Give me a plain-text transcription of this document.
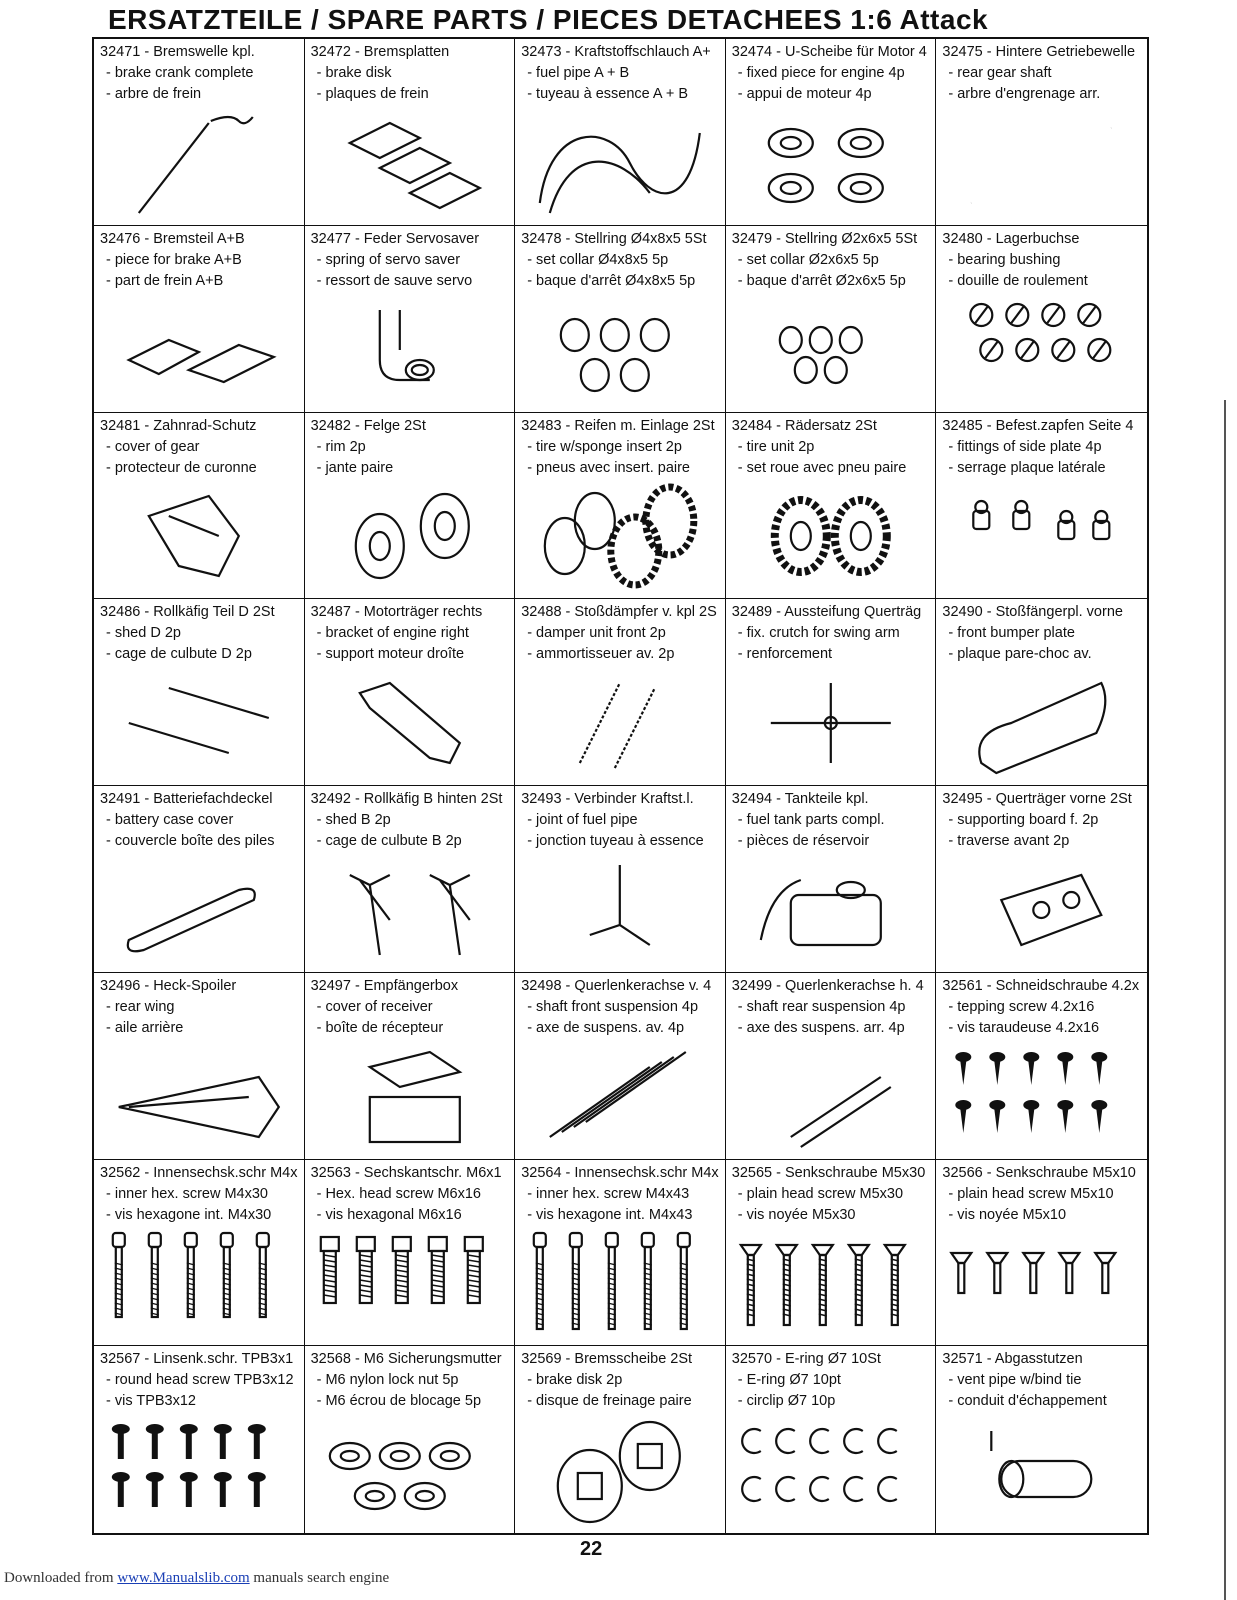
ERSATZTEILE / SPARE PARTS / PIECES DETACHEES 1:6 Attack
32471 - Bremswelle kpl.
- brake crank complete
- arbre de frein
32472 - Bremsplatten
- brake disk
- plaques de frein
32473 - Kraftstoffschlauch A+
- fuel pipe A + B
- tuyeau à essence A + B
32474 - U-Scheibe für Motor 4
- fixed piece for engine 4p
- appui de moteur 4p
32475 - Hintere Getriebewelle
- rear gear shaft
- arbre d'engrenage arr.
32476 - Bremsteil A+B
- piece for brake A+B
- part de frein A+B
32477 - Feder Servosaver
- spring of servo saver
- ressort de sauve servo
32478 - Stellring Ø4x8x5 5St
- set collar Ø4x8x5 5p
- baque d'arrêt Ø4x8x5 5p
32479 - Stellring Ø2x6x5 5St
- set collar Ø2x6x5 5p
- baque d'arrêt Ø2x6x5 5p
32480 - Lagerbuchse
- bearing bushing
- douille de roulement
32481 - Zahnrad-Schutz
- cover of gear
- protecteur de curonne
32482 - Felge 2St
- rim 2p
- jante paire
32483 - Reifen m. Einlage 2St
- tire w/sponge insert 2p
- pneus avec insert. paire
32484 - Rädersatz 2St
- tire unit 2p
- set roue avec pneu paire
32485 - Befest.zapfen Seite 4
- fittings of side plate 4p
- serrage plaque latérale
32486 - Rollkäfig Teil D 2St
- shed D 2p
- cage de culbute D 2p
32487 - Motorträger rechts
- bracket of engine right
- support moteur droîte
32488 - Stoßdämpfer v. kpl 2S
- damper unit front 2p
- ammortisseuer av. 2p
32489 - Aussteifung Querträg
- fix. crutch for swing arm
- renforcement
32490 - Stoßfängerpl. vorne
- front bumper plate
- plaque pare-choc av.
32491 - Batteriefachdeckel
- battery case cover
- couvercle boîte des piles
32492 - Rollkäfig B hinten 2St
- shed B 2p
- cage de culbute B 2p
32493 - Verbinder Kraftst.l.
- joint of fuel pipe
- jonction tuyeau à essence
32494 - Tankteile kpl.
- fuel tank parts compl.
- pièces de réservoir
32495 - Querträger vorne 2St
- supporting board f. 2p
- traverse avant 2p
32496 - Heck-Spoiler
- rear wing
- aile arrière
32497 - Empfängerbox
- cover of receiver
- boîte de récepteur
32498 - Querlenkerachse v. 4
- shaft front suspension 4p
- axe de suspens. av. 4p
32499 - Querlenkerachse h. 4
- shaft rear suspension 4p
- axe des suspens. arr. 4p
32561 - Schneidschraube 4.2x
- tepping screw 4.2x16
- vis taraudeuse 4.2x16
32562 - Innensechsk.schr M4x
- inner hex. screw M4x30
- vis hexagone int. M4x30
32563 - Sechskantschr. M6x1
- Hex. head screw M6x16
- vis hexagonal M6x16
32564 - Innensechsk.schr M4x
- inner hex. screw M4x43
- vis hexagone int. M4x43
32565 - Senkschraube M5x30
- plain head screw M5x30
- vis noyée M5x30
32566 - Senkschraube M5x10
- plain head screw M5x10
- vis noyée M5x10
32567 - Linsenk.schr. TPB3x1
- round head screw TPB3x12
- vis TPB3x12
32568 - M6 Sicherungsmutter
- M6 nylon lock nut 5p
- M6 écrou de blocage 5p
32569 - Bremsscheibe 2St
- brake disk 2p
- disque de freinage paire
32570 - E-ring Ø7 10St
- E-ring Ø7 10pt
- circlip Ø7 10p
32571 - Abgasstutzen
- vent pipe w/bind tie
- conduit d'échappement
22
Downloaded from www.Manualslib.com manuals search engine
